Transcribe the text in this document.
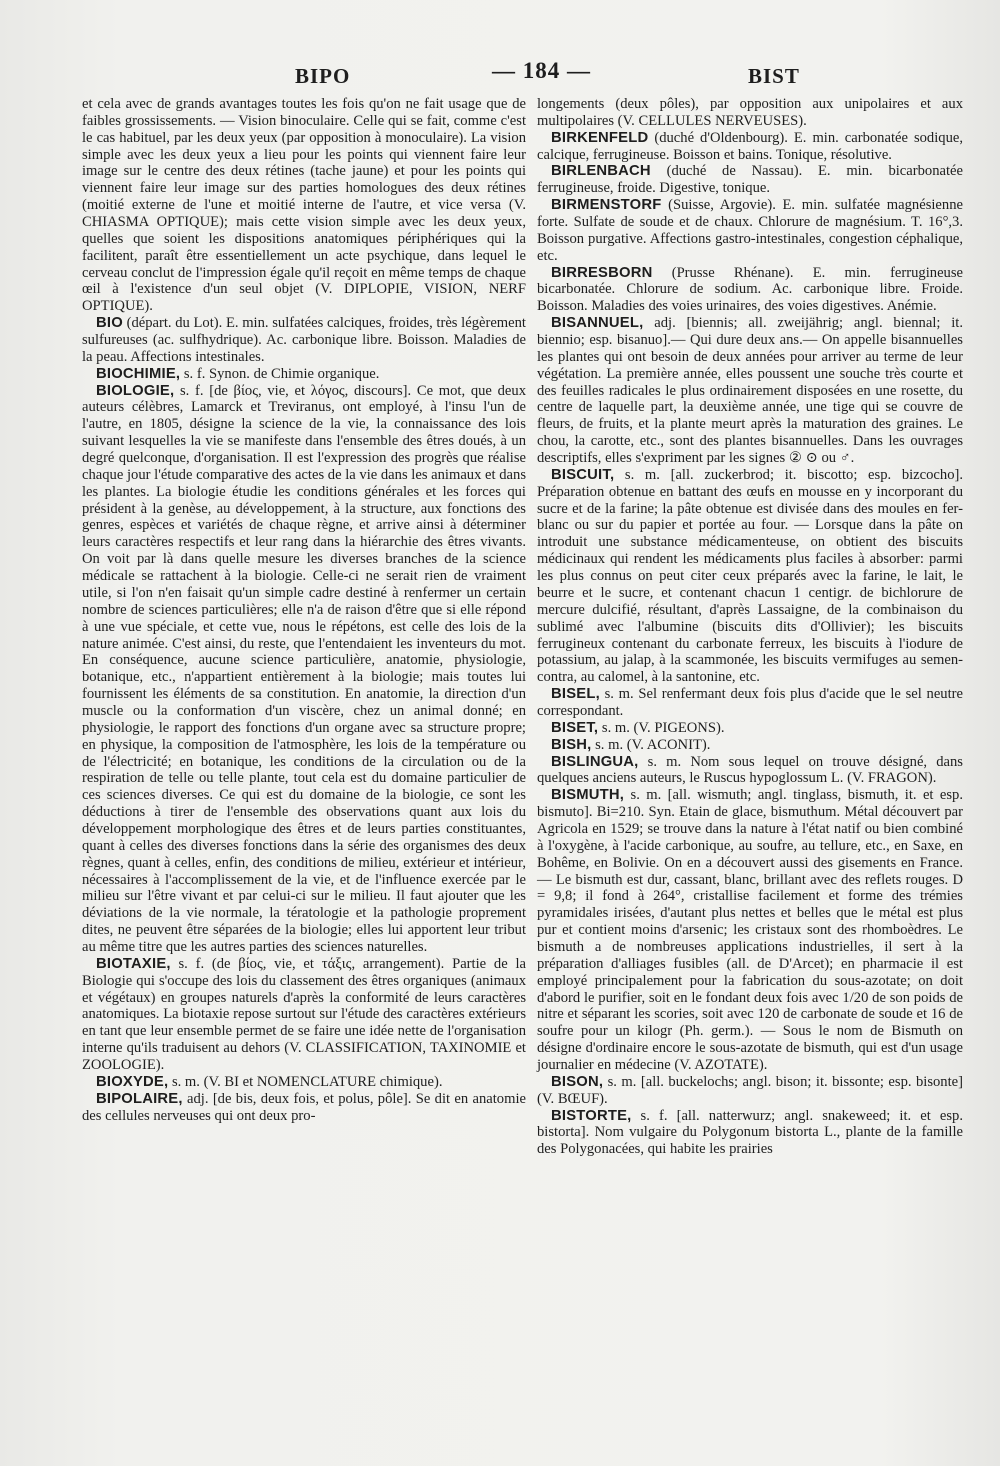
BIPO	— 184 —	BIST

et cela avec de grands avantages toutes les fois qu'on ne fait usage que de faibles grossissements. — Vision binoculaire. Celle qui se fait, comme c'est le cas habituel, par les deux yeux (par opposition à monoculaire). La vision simple avec les deux yeux a lieu pour les points qui viennent faire leur image sur le centre des deux rétines (tache jaune) et pour les points qui viennent faire leur image sur des parties homologues des deux rétines (moitié externe de l'une et moitié interne de l'autre, et vice versa (V. CHIASMA OPTIQUE); mais cette vision simple avec les deux yeux, quelles que soient les dispositions anatomiques périphériques qui la facilitent, paraît être essentiellement un acte psychique, dans lequel le cerveau conclut de l'impression égale qu'il reçoit en même temps de chaque œil à l'existence d'un seul objet (V. DIPLOPIE, VISION, NERF OPTIQUE).

BIO (départ. du Lot). E. min. sulfatées calciques, froides, très légèrement sulfureuses (ac. sulfhydrique). Ac. carbonique libre. Boisson. Maladies de la peau. Affections intestinales.

BIOCHIMIE, s. f. Synon. de Chimie organique.

BIOLOGIE, s. f. [de βίος, vie, et λόγος, discours]. Ce mot, que deux auteurs célèbres, Lamarck et Treviranus, ont employé, à l'insu l'un de l'autre, en 1805, désigne la science de la vie, la connaissance des lois suivant lesquelles la vie se manifeste dans l'ensemble des êtres doués, à un degré quelconque, d'organisation. Il est l'expression des progrès que réalise chaque jour l'étude comparative des actes de la vie dans les animaux et dans les plantes. La biologie étudie les conditions générales et les forces qui président à la genèse, au développement, à la structure, aux fonctions des genres, espèces et variétés de chaque règne, et arrive ainsi à déterminer leurs caractères respectifs et leur rang dans la hiérarchie des êtres vivants. On voit par là dans quelle mesure les diverses branches de la science médicale se rattachent à la biologie. Celle-ci ne serait rien de vraiment utile, si l'on n'en faisait qu'un simple cadre destiné à renfermer un certain nombre de sciences particulières; elle n'a de raison d'être que si elle répond à une vue spéciale, et cette vue, nous le répétons, est celle des lois de la nature animée. C'est ainsi, du reste, que l'entendaient les inventeurs du mot. En conséquence, aucune science particulière, anatomie, physiologie, botanique, etc., n'appartient entièrement à la biologie; mais toutes lui fournissent les éléments de sa constitution. En anatomie, la direction d'un muscle ou la conformation d'un viscère, chez un animal donné; en physiologie, le rapport des fonctions d'un organe avec sa structure propre; en physique, la composition de l'atmosphère, les lois de la température ou de l'électricité; en botanique, les conditions de la circulation ou de la respiration de telle ou telle plante, tout cela est du domaine particulier de ces sciences diverses. Ce qui est du domaine de la biologie, ce sont les déductions à tirer de l'ensemble des observations quant aux lois du développement morphologique des êtres et de leurs parties constituantes, quant à celles des diverses fonctions dans la série des organismes des deux règnes, quant à celles, enfin, des conditions de milieu, extérieur et intérieur, nécessaires à l'accomplissement de la vie, et de l'influence exercée par le milieu sur l'être vivant et par celui-ci sur le milieu. Il faut ajouter que les déviations de la vie normale, la tératologie et la pathologie proprement dites, ne peuvent être séparées de la biologie; elles lui apportent leur tribut au même titre que les autres parties des sciences naturelles.

BIOTAXIE, s. f. (de βίος, vie, et τάξις, arrangement). Partie de la Biologie qui s'occupe des lois du classement des êtres organiques (animaux et végétaux) en groupes naturels d'après la conformité de leurs caractères anatomiques. La biotaxie repose surtout sur l'étude des caractères extérieurs en tant que leur ensemble permet de se faire une idée nette de l'organisation interne qu'ils traduisent au dehors (V. CLASSIFICATION, TAXINOMIE et ZOOLOGIE).

BIOXYDE, s. m. (V. BI et NOMENCLATURE chimique).

BIPOLAIRE, adj. [de bis, deux fois, et polus, pôle]. Se dit en anatomie des cellules nerveuses qui ont deux pro-

longements (deux pôles), par opposition aux unipolaires et aux multipolaires (V. CELLULES NERVEUSES).

BIRKENFELD (duché d'Oldenbourg). E. min. carbonatée sodique, calcique, ferrugineuse. Boisson et bains. Tonique, résolutive.

BIRLENBACH (duché de Nassau). E. min. bicarbonatée ferrugineuse, froide. Digestive, tonique.

BIRMENSTORF (Suisse, Argovie). E. min. sulfatée magnésienne forte. Sulfate de soude et de chaux. Chlorure de magnésium. T. 16°,3. Boisson purgative. Affections gastro-intestinales, congestion céphalique, etc.

BIRRESBORN (Prusse Rhénane). E. min. ferrugineuse bicarbonatée. Chlorure de sodium. Ac. carbonique libre. Froide. Boisson. Maladies des voies urinaires, des voies digestives. Anémie.

BISANNUEL, adj. [biennis; all. zweijährig; angl. biennal; it. biennio; esp. bisanuo].— Qui dure deux ans.— On appelle bisannuelles les plantes qui ont besoin de deux années pour arriver au terme de leur végétation. La première année, elles poussent une souche très courte et des feuilles radicales le plus ordinairement disposées en une rosette, du centre de laquelle part, la deuxième année, une tige qui se couvre de fleurs, de fruits, et la plante meurt après la maturation des graines. Le chou, la carotte, etc., sont des plantes bisannuelles. Dans les ouvrages descriptifs, elles s'expriment par les signes ② ⊙ ou ♂.

BISCUIT, s. m. [all. zuckerbrod; it. biscotto; esp. bizcocho]. Préparation obtenue en battant des œufs en mousse en y incorporant du sucre et de la farine; la pâte obtenue est divisée dans des moules en fer-blanc ou sur du papier et portée au four. — Lorsque dans la pâte on introduit une substance médicamenteuse, on obtient des biscuits médicinaux qui rendent les médicaments plus faciles à absorber: parmi les plus connus on peut citer ceux préparés avec la farine, le lait, le beurre et le sucre, et contenant chacun 1 centigr. de bichlorure de mercure dulcifié, résultant, d'après Lassaigne, de la combinaison du sublimé avec l'albumine (biscuits dits d'Ollivier); les biscuits ferrugineux contenant du carbonate ferreux, les biscuits à l'iodure de potassium, au jalap, à la scammonée, les biscuits vermifuges au semen-contra, au calomel, à la santonine, etc.

BISEL, s. m. Sel renfermant deux fois plus d'acide que le sel neutre correspondant.

BISET, s. m. (V. PIGEONS).

BISH, s. m. (V. ACONIT).

BISLINGUA, s. m. Nom sous lequel on trouve désigné, dans quelques anciens auteurs, le Ruscus hypoglossum L. (V. FRAGON).

BISMUTH, s. m. [all. wismuth; angl. tinglass, bismuth, it. et esp. bismuto]. Bi=210. Syn. Etain de glace, bismuthum. Métal découvert par Agricola en 1529; se trouve dans la nature à l'état natif ou bien combiné à l'oxygène, à l'acide carbonique, au soufre, au tellure, etc., en Saxe, en Bohême, en Bolivie. On en a découvert aussi des gisements en France. — Le bismuth est dur, cassant, blanc, brillant avec des reflets rouges. D = 9,8; il fond à 264°, cristallise facilement et forme des trémies pyramidales irisées, d'autant plus nettes et belles que le métal est plus pur et contient moins d'arsenic; les cristaux sont des rhomboèdres. Le bismuth a de nombreuses applications industrielles, il sert à la préparation d'alliages fusibles (all. de D'Arcet); en pharmacie il est employé principalement pour la fabrication du sous-azotate; on doit d'abord le purifier, soit en le fondant deux fois avec 1/20 de son poids de nitre et séparant les scories, soit avec 120 de carbonate de soude et 16 de soufre pour un kilogr (Ph. germ.). — Sous le nom de Bismuth on désigne d'ordinaire encore le sous-azotate de bismuth, qui est d'un usage journalier en médecine (V. AZOTATE).

BISON, s. m. [all. buckelochs; angl. bison; it. bissonte; esp. bisonte] (V. BŒUF).

BISTORTE, s. f. [all. natterwurz; angl. snakeweed; it. et esp. bistorta]. Nom vulgaire du Polygonum bistorta L., plante de la famille des Polygonacées, qui habite les prairies
